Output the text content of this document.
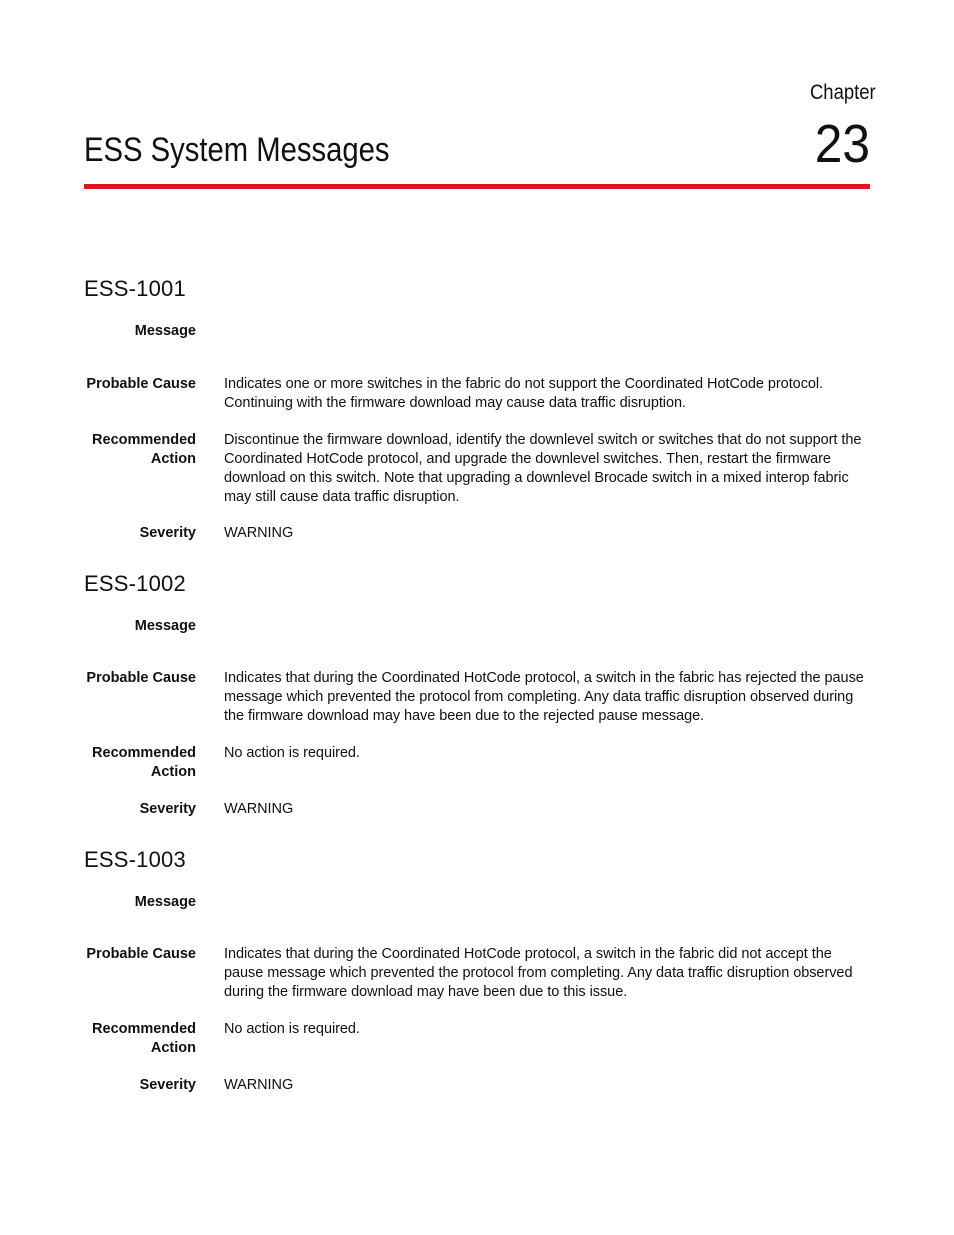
Chapter
23
ESS System Messages
ESS-1001
Message
Probable Cause Indicates one or more switches in the fabric do not support the Coordinated HotCode protocol. Continuing with the firmware download may cause data traffic disruption.
Recommended
Action
Discontinue the firmware download, identify the downlevel switch or switches that do not support the Coordinated HotCode protocol, and upgrade the downlevel switches. Then, restart the firmware download on this switch. Note that upgrading a downlevel Brocade switch in a mixed interop fabric may still cause data traffic disruption.
Severity WARNING
ESS-1002
Message
Probable Cause Indicates that during the Coordinated HotCode protocol, a switch in the fabric has rejected the pause message which prevented the protocol from completing. Any data traffic disruption observed during the firmware download may have been due to the rejected pause message.
Recommended
Action
No action is required.
Severity WARNING
ESS-1003
Message
Probable Cause Indicates that during the Coordinated HotCode protocol, a switch in the fabric did not accept the pause message which prevented the protocol from completing. Any data traffic disruption observed during the firmware download may have been due to this issue.
Recommended
Action
No action is required.
Severity WARNING
